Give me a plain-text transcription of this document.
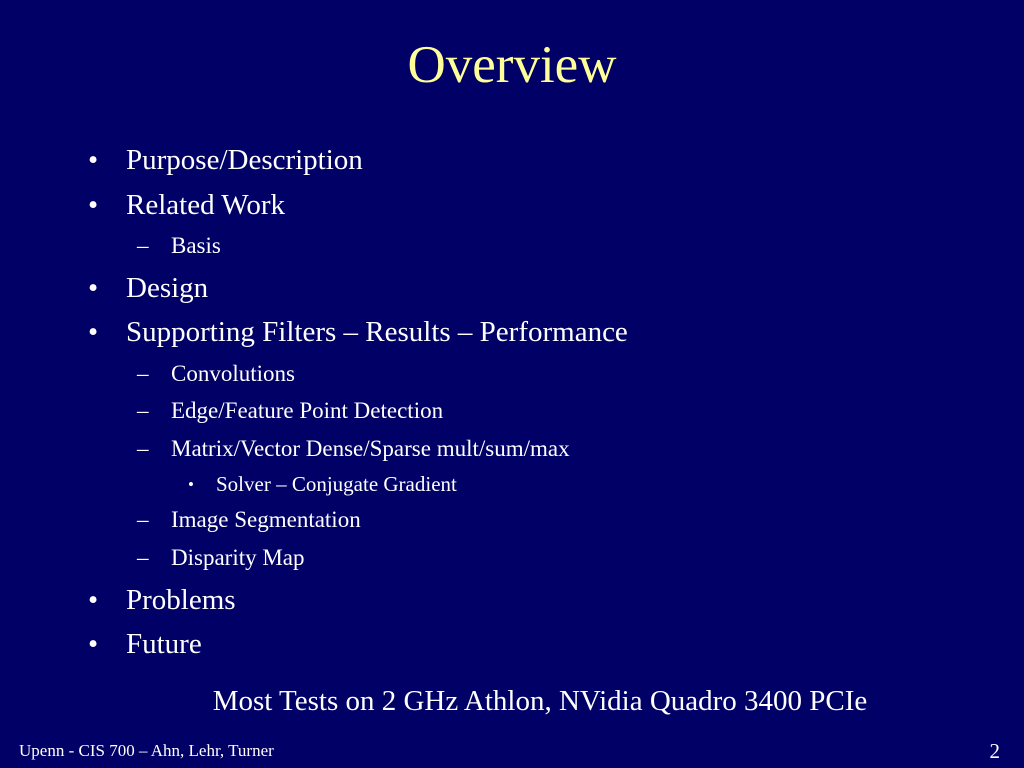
Overview
• Purpose/Description
• Related Work
– Basis
• Design
• Supporting Filters – Results – Performance
– Convolutions
– Edge/Feature Point Detection
– Matrix/Vector Dense/Sparse mult/sum/max
• Solver – Conjugate Gradient
– Image Segmentation
– Disparity Map
• Problems
• Future
Most Tests on 2 GHz Athlon, NVidia Quadro 3400 PCIe
Upenn - CIS 700 – Ahn, Lehr, Turner	2
